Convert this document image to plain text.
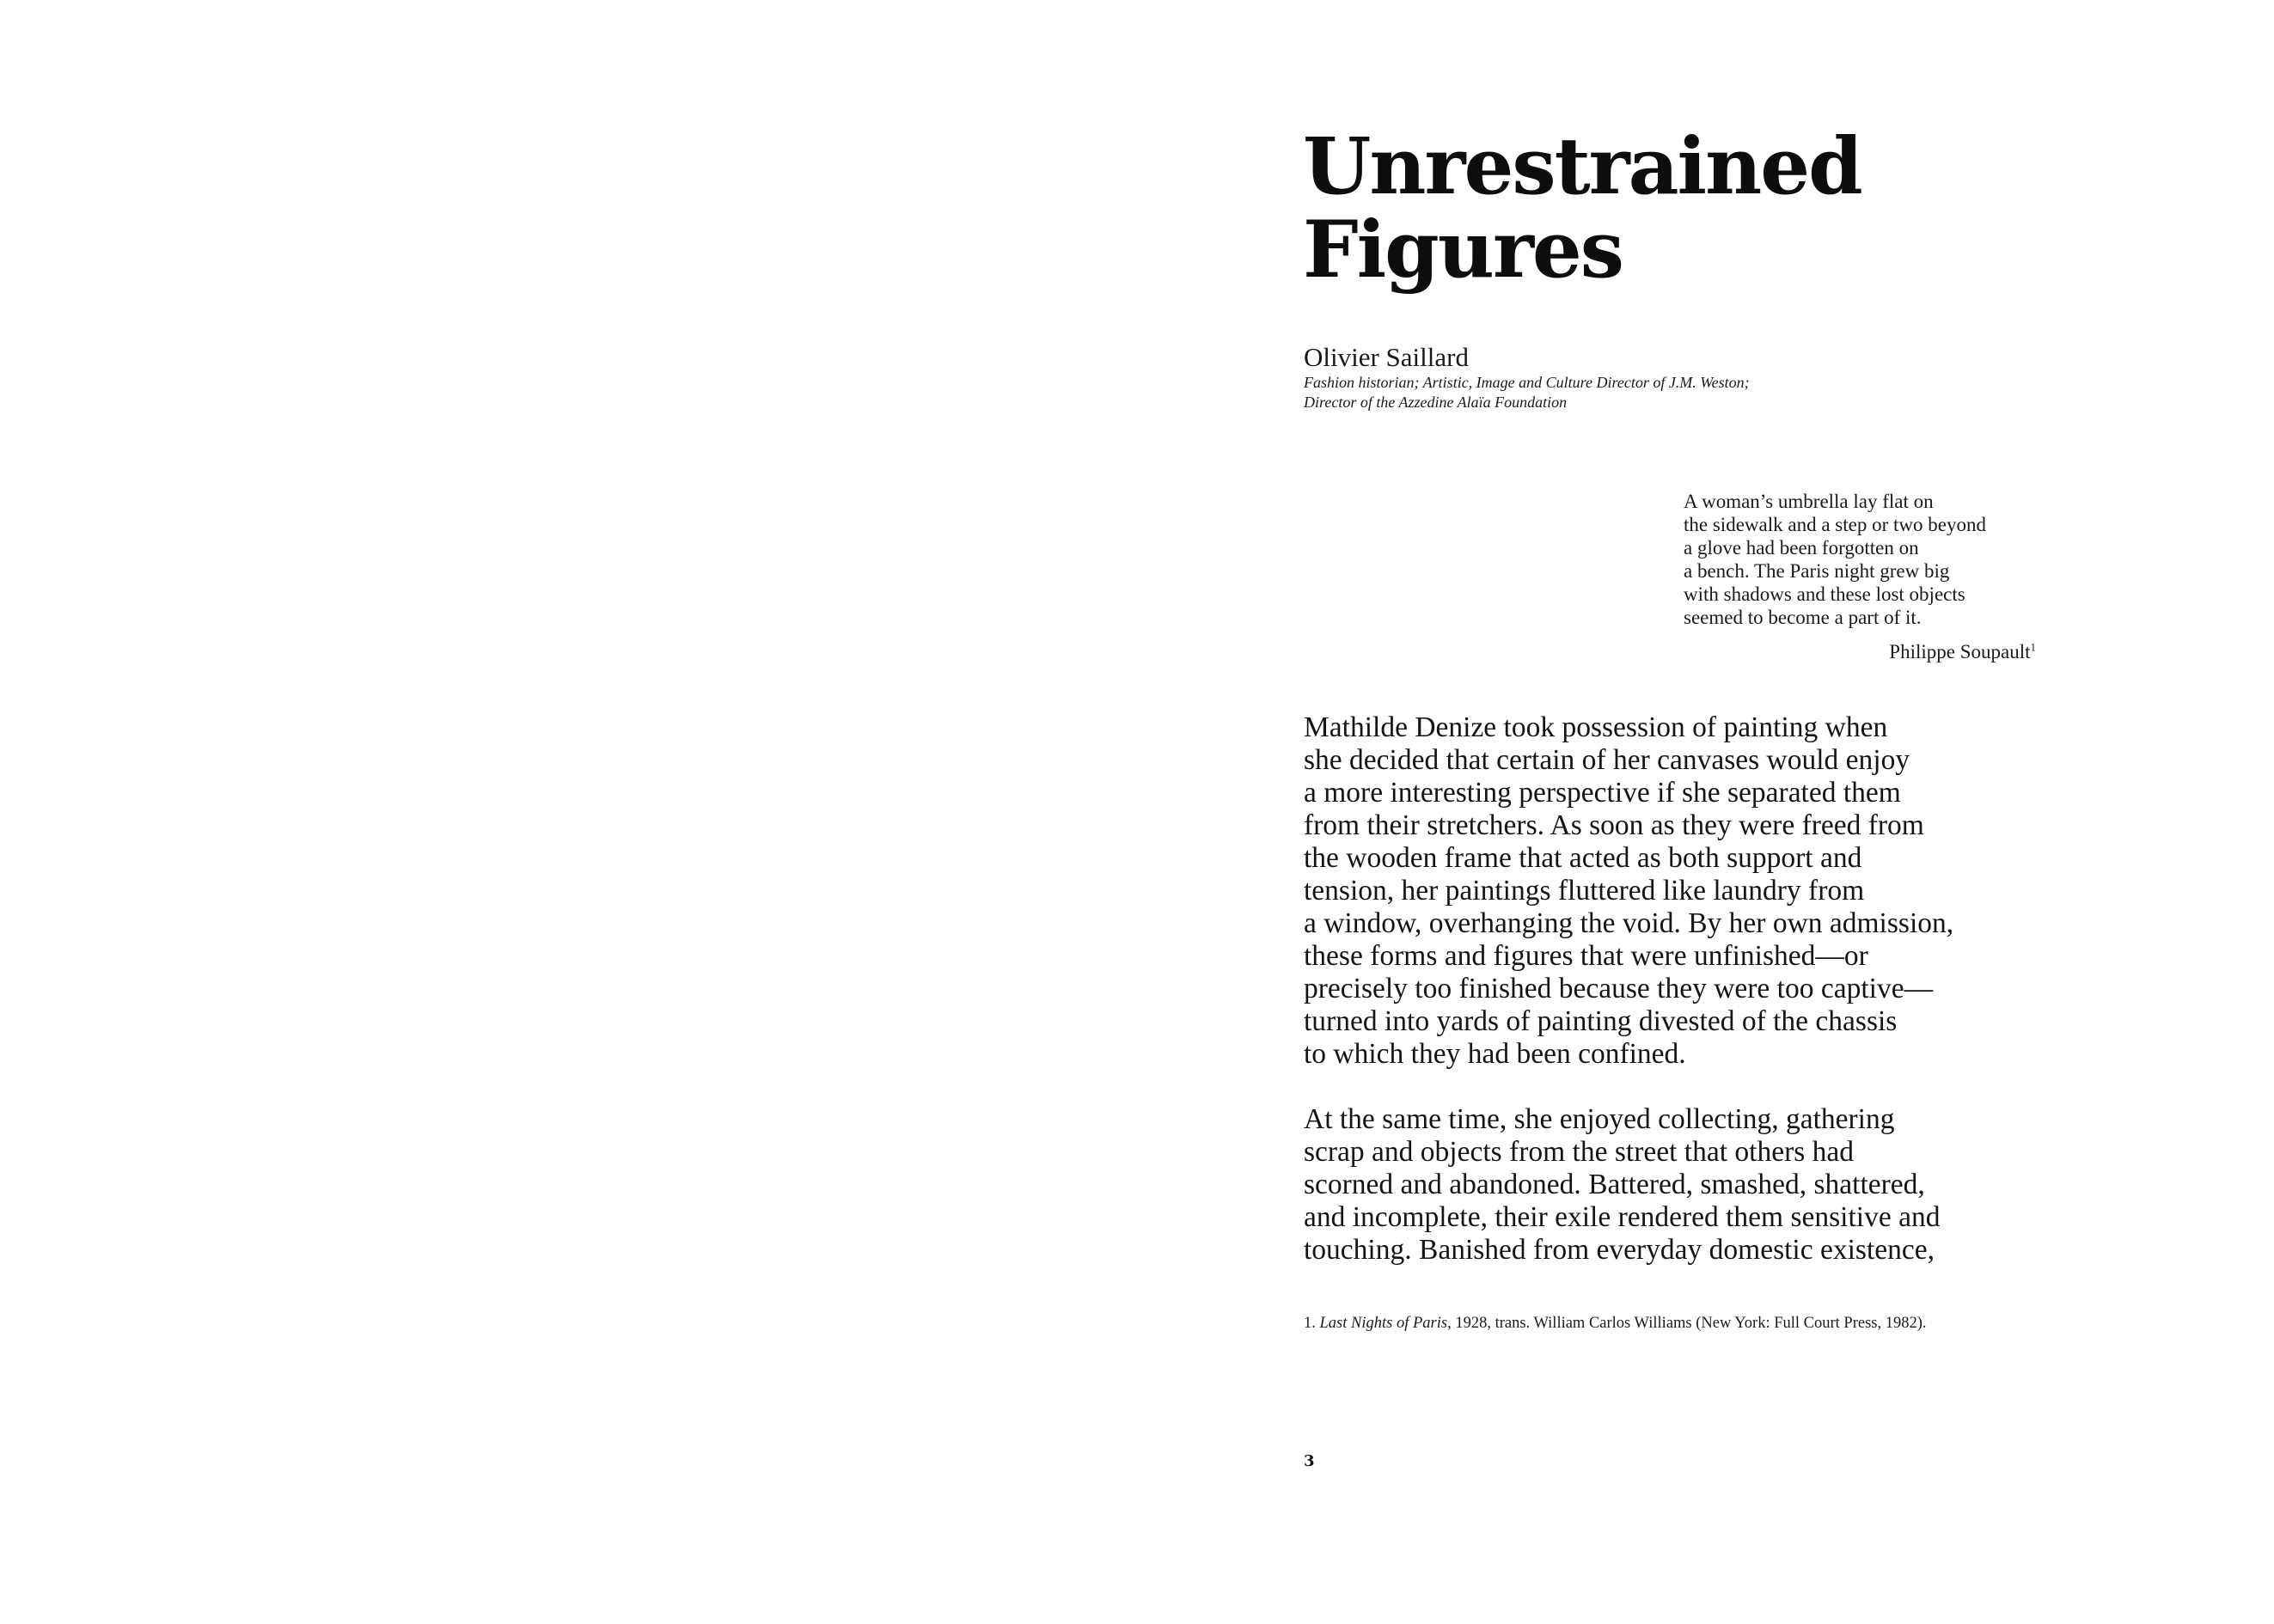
Unrestrained
Figures
Olivier Saillard
Fashion historian; Artistic, Image and Culture Director of J.M. Weston;
Director of the Azzedine Alaïa Foundation
A woman’s umbrella lay flat on
the sidewalk and a step or two beyond
a glove had been forgotten on
a bench. The Paris night grew big
with shadows and these lost objects
seemed to become a part of it.
Philippe Soupault$^1$
Mathilde Denize took possession of painting when
she decided that certain of her canvases would enjoy
a more interesting perspective if she separated them
from their stretchers. As soon as they were freed from
the wooden frame that acted as both support and
tension, her paintings fluttered like laundry from
a window, overhanging the void. By her own admission,
these forms and figures that were unfinished—or
precisely too finished because they were too captive—
turned into yards of painting divested of the chassis
to which they had been confined.
At the same time, she enjoyed collecting, gathering
scrap and objects from the street that others had
scorned and abandoned. Battered, smashed, shattered,
and incomplete, their exile rendered them sensitive and
touching. Banished from everyday domestic existence,
1. Last Nights of Paris, 1928, trans. William Carlos Williams (New York: Full Court Press, 1982).
3
